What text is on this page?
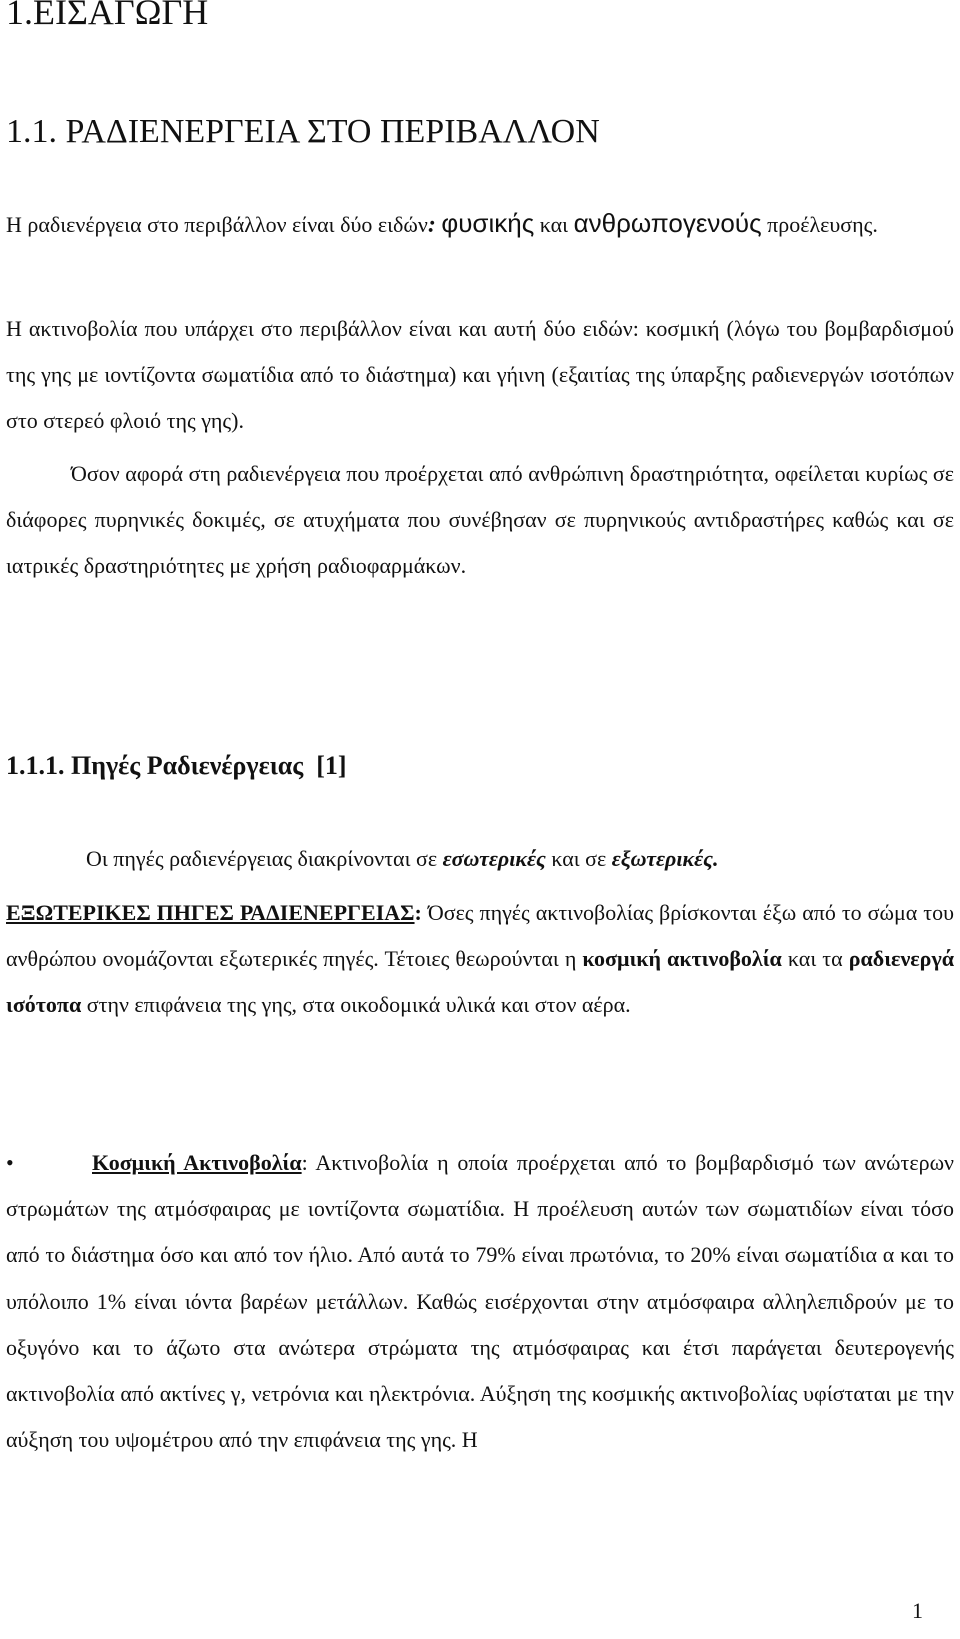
1.ΕΙΣΑΓΩΓΗ
1.1. ΡΑΔΙΕΝΕΡΓΕΙΑ ΣΤΟ ΠΕΡΙΒΑΛΛΟΝ

Η ραδιενέργεια στο περιβάλλον είναι δύο ειδών: φυσικής και ανθρωπογενούς προέλευσης.

Η ακτινοβολία που υπάρχει στο περιβάλλον είναι και αυτή δύο ειδών: κοσμική (λόγω του βομβαρδισμού της γης με ιοντίζοντα σωματίδια από το διάστημα) και γήινη (εξαιτίας της ύπαρξης ραδιενεργών ισοτόπων στο στερεό φλοιό της γης).

Όσον αφορά στη ραδιενέργεια που προέρχεται από ανθρώπινη δραστηριότητα, οφείλεται κυρίως σε διάφορες πυρηνικές δοκιμές, σε ατυχήματα που συνέβησαν σε πυρηνικούς αντιδραστήρες καθώς και σε ιατρικές δραστηριότητες με χρήση ραδιοφαρμάκων.

1.1.1. Πηγές Ραδιενέργειας  [1]

Οι πηγές ραδιενέργειας διακρίνονται σε εσωτερικές και σε εξωτερικές.

ΕΞΩΤΕΡΙΚΕΣ ΠΗΓΕΣ ΡΑΔΙΕΝΕΡΓΕΙΑΣ: Όσες πηγές ακτινοβολίας βρίσκονται έξω από το σώμα του ανθρώπου ονομάζονται εξωτερικές πηγές. Τέτοιες θεωρούνται η κοσμική ακτινοβολία και τα ραδιενεργά ισότοπα στην επιφάνεια της γης, στα οικοδομικά υλικά και στον αέρα.

•	Κοσμική Ακτινοβολία: Ακτινοβολία η οποία προέρχεται από το βομβαρδισμό των ανώτερων στρωμάτων της ατμόσφαιρας με ιοντίζοντα σωματίδια. Η προέλευση αυτών των σωματιδίων είναι τόσο από το διάστημα όσο και από τον ήλιο. Από αυτά το 79% είναι πρωτόνια, το 20% είναι σωματίδια α και το υπόλοιπο 1% είναι ιόντα βαρέων μετάλλων. Καθώς εισέρχονται στην ατμόσφαιρα αλληλεπιδρούν με το οξυγόνο και το άζωτο στα ανώτερα στρώματα της ατμόσφαιρας και έτσι παράγεται δευτερογενής ακτινοβολία από ακτίνες γ, νετρόνια και ηλεκτρόνια. Αύξηση της κοσμικής ακτινοβολίας υφίσταται με την αύξηση του υψομέτρου από την επιφάνεια της γης. Η

1
